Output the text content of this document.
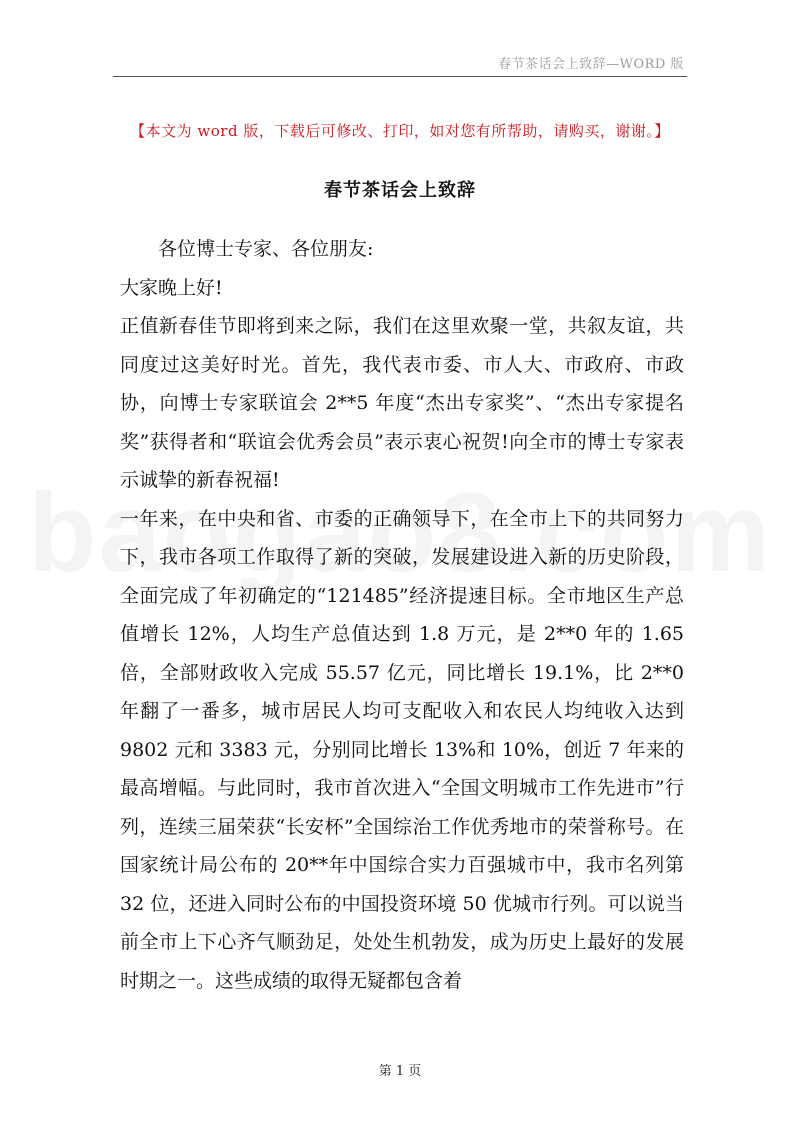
春节茶话会上致辞—WORD 版
【本文为 word 版，下载后可修改、打印，如对您有所帮助，请购买，谢谢。】
春节茶话会上致辞

各位博士专家、各位朋友:

大家晚上好!

正值新春佳节即将到来之际，我们在这里欢聚一堂，共叙友谊，共同度过这美好时光。首先，我代表市委、市人大、市政府、市政协，向博士专家联谊会 2**5 年度“杰出专家奖”、“杰出专家提名奖”获得者和“联谊会优秀会员”表示衷心祝贺!向全市的博士专家表示诚挚的新春祝福!

一年来，在中央和省、市委的正确领导下，在全市上下的共同努力下，我市各项工作取得了新的突破，发展建设进入新的历史阶段，全面完成了年初确定的“121485”经济提速目标。全市地区生产总值增长 12%，人均生产总值达到 1.8 万元，是 2**0 年的 1.65 倍，全部财政收入完成 55.57 亿元，同比增长 19.1%，比 2**0 年翻了一番多，城市居民人均可支配收入和农民人均纯收入达到 9802 元和 3383 元，分别同比增长 13%和 10%，创近 7 年来的最高增幅。与此同时，我市首次进入“全国文明城市工作先进市”行列，连续三届荣获“长安杯”全国综治工作优秀地市的荣誉称号。在国家统计局公布的 20**年中国综合实力百强城市中，我市名列第 32 位，还进入同时公布的中国投资环境 50 优城市行列。可以说当前全市上下心齐气顺劲足，处处生机勃发，成为历史上最好的发展时期之一。这些成绩的取得无疑都包含着

第 1 页
